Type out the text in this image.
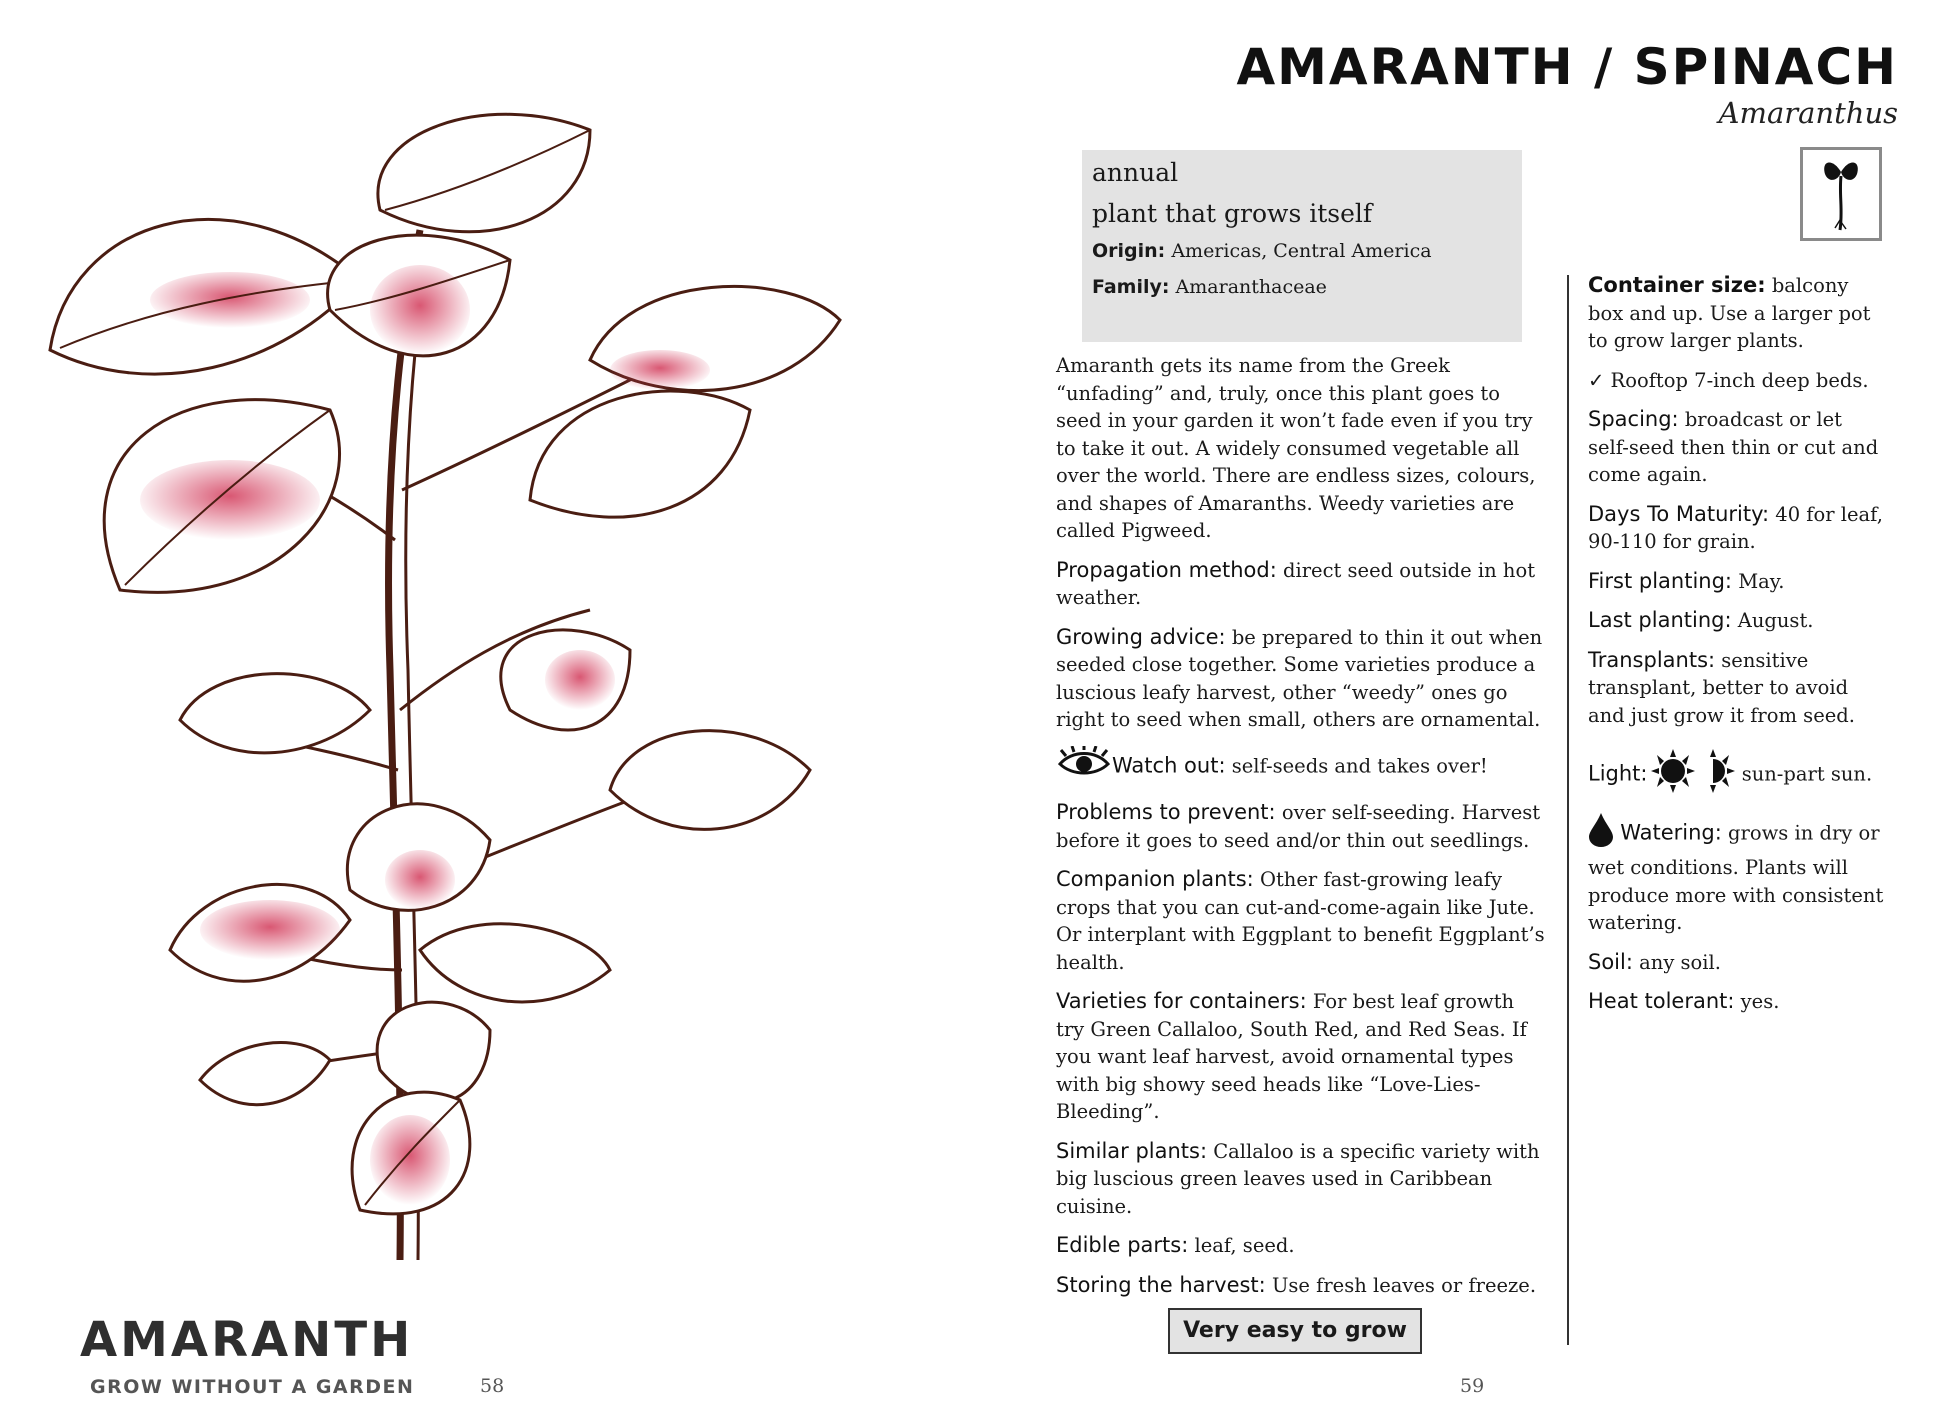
AMARANTH
GROW WITHOUT A GARDEN	58
AMARANTH / SPINACH
Amaranthus
annual
plant that grows itself
Origin: Americas, Central America
Family: Amaranthaceae

Amaranth gets its name from the Greek “unfading” and, truly, once this plant goes to seed in your garden it won’t fade even if you try to take it out. A widely consumed vegetable all over the world. There are endless sizes, colours, and shapes of Amaranths. Weedy varieties are called Pigweed.

Propagation method: direct seed outside in hot weather.

Growing advice: be prepared to thin it out when seeded close together. Some varieties produce a luscious leafy harvest, other “weedy” ones go right to seed when small, others are ornamental.

Watch out: self-seeds and takes over!

Problems to prevent: over self-seeding. Harvest before it goes to seed and/or thin out seedlings.

Companion plants: Other fast-growing leafy crops that you can cut-and-come-again like Jute. Or interplant with Eggplant to benefit Eggplant’s health.

Varieties for containers: For best leaf growth try Green Callaloo, South Red, and Red Seas. If you want leaf harvest, avoid ornamental types with big showy seed heads like “Love-Lies-Bleeding”.

Similar plants: Callaloo is a specific variety with big luscious green leaves used in Caribbean cuisine.

Edible parts: leaf, seed.

Storing the harvest: Use fresh leaves or freeze.

Very easy to grow

Container size: balcony box and up. Use a larger pot to grow larger plants.

✓ Rooftop 7-inch deep beds.

Spacing: broadcast or let self-seed then thin or cut and come again.

Days To Maturity: 40 for leaf, 90-110 for grain.

First planting: May.

Last planting: August.

Transplants: sensitive transplant, better to avoid and just grow it from seed.

Light:	sun-part sun.

Watering: grows in dry or wet conditions. Plants will produce more with consistent watering.

Soil: any soil.

Heat tolerant: yes.

59
